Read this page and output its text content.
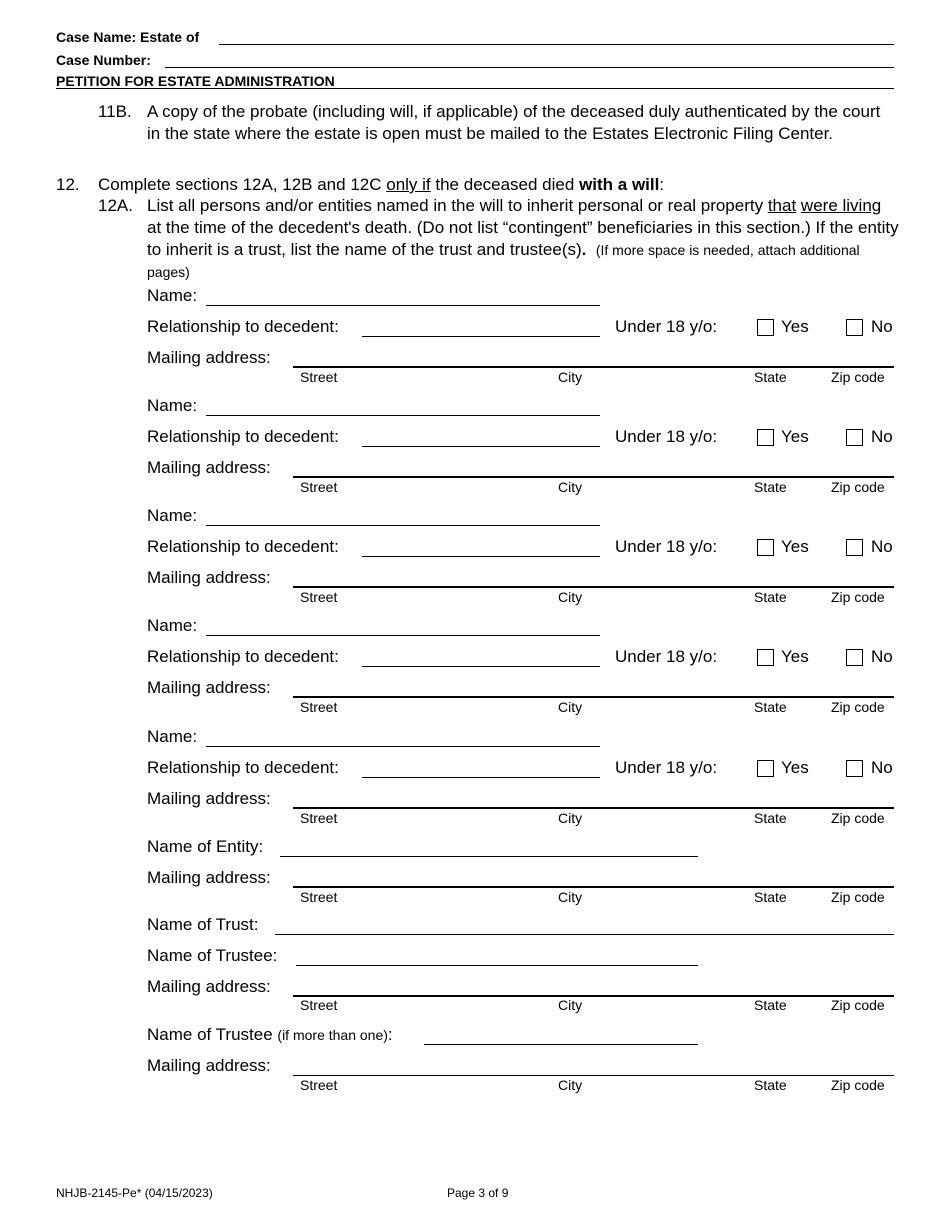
Case Name: Estate of
Case Number:
PETITION FOR ESTATE ADMINISTRATION
11B. A copy of the probate (including will, if applicable) of the deceased duly authenticated by the court in the state where the estate is open must be mailed to the Estates Electronic Filing Center.
12. Complete sections 12A, 12B and 12C only if the deceased died with a will:
12A. List all persons and/or entities named in the will to inherit personal or real property that were living at the time of the decedent's death. (Do not list “contingent” beneficiaries in this section.) If the entity to inherit is a trust, list the name of the trust and trustee(s). (If more space is needed, attach additional pages)
Name:
Relationship to decedent:	Under 18 y/o:	Yes	No
Mailing address:
Street	City	State	Zip code
Name:
Relationship to decedent:	Under 18 y/o:	Yes	No
Mailing address:
Street	City	State	Zip code
Name:
Relationship to decedent:	Under 18 y/o:	Yes	No
Mailing address:
Street	City	State	Zip code
Name:
Relationship to decedent:	Under 18 y/o:	Yes	No
Mailing address:
Street	City	State	Zip code
Name:
Relationship to decedent:	Under 18 y/o:	Yes	No
Mailing address:
Street	City	State	Zip code
Name of Entity:
Mailing address:
Street	City	State	Zip code
Name of Trust:
Name of Trustee:
Mailing address:
Street	City	State	Zip code
Name of Trustee (if more than one):
Mailing address:
Street	City	State	Zip code
NHJB-2145-Pe* (04/15/2023)	Page 3 of 9
